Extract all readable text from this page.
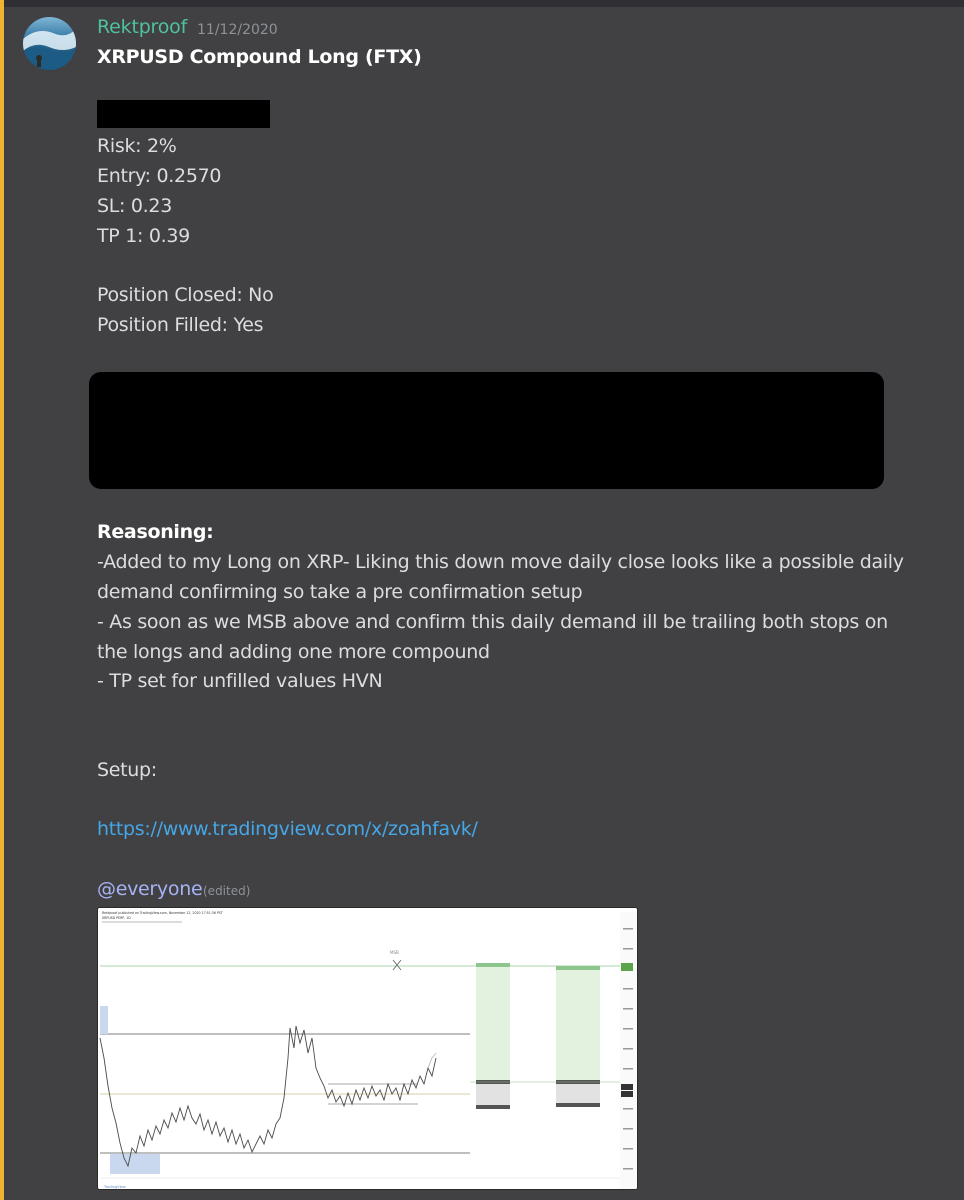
Rektproof 11/12/2020
XRPUSD Compound Long (FTX)
Risk: 2%
Entry: 0.2570
SL: 0.23
TP 1: 0.39
Position Closed: No
Position Filled: Yes
Reasoning:
-Added to my Long on XRP- Liking this down move daily close looks like a possible daily
demand confirming so take a pre confirmation setup
- As soon as we MSB above and confirm this daily demand ill be trailing both stops on
the longs and adding one more compound
- TP set for unfilled values HVN
Setup:
https://www.tradingview.com/x/zoahfavk/
@everyone (edited)
Rektproof published on TradingView.com, November 12, 2020 17:51:36 PST
XRPUSD PERP, 1D
MSB
TradingView
